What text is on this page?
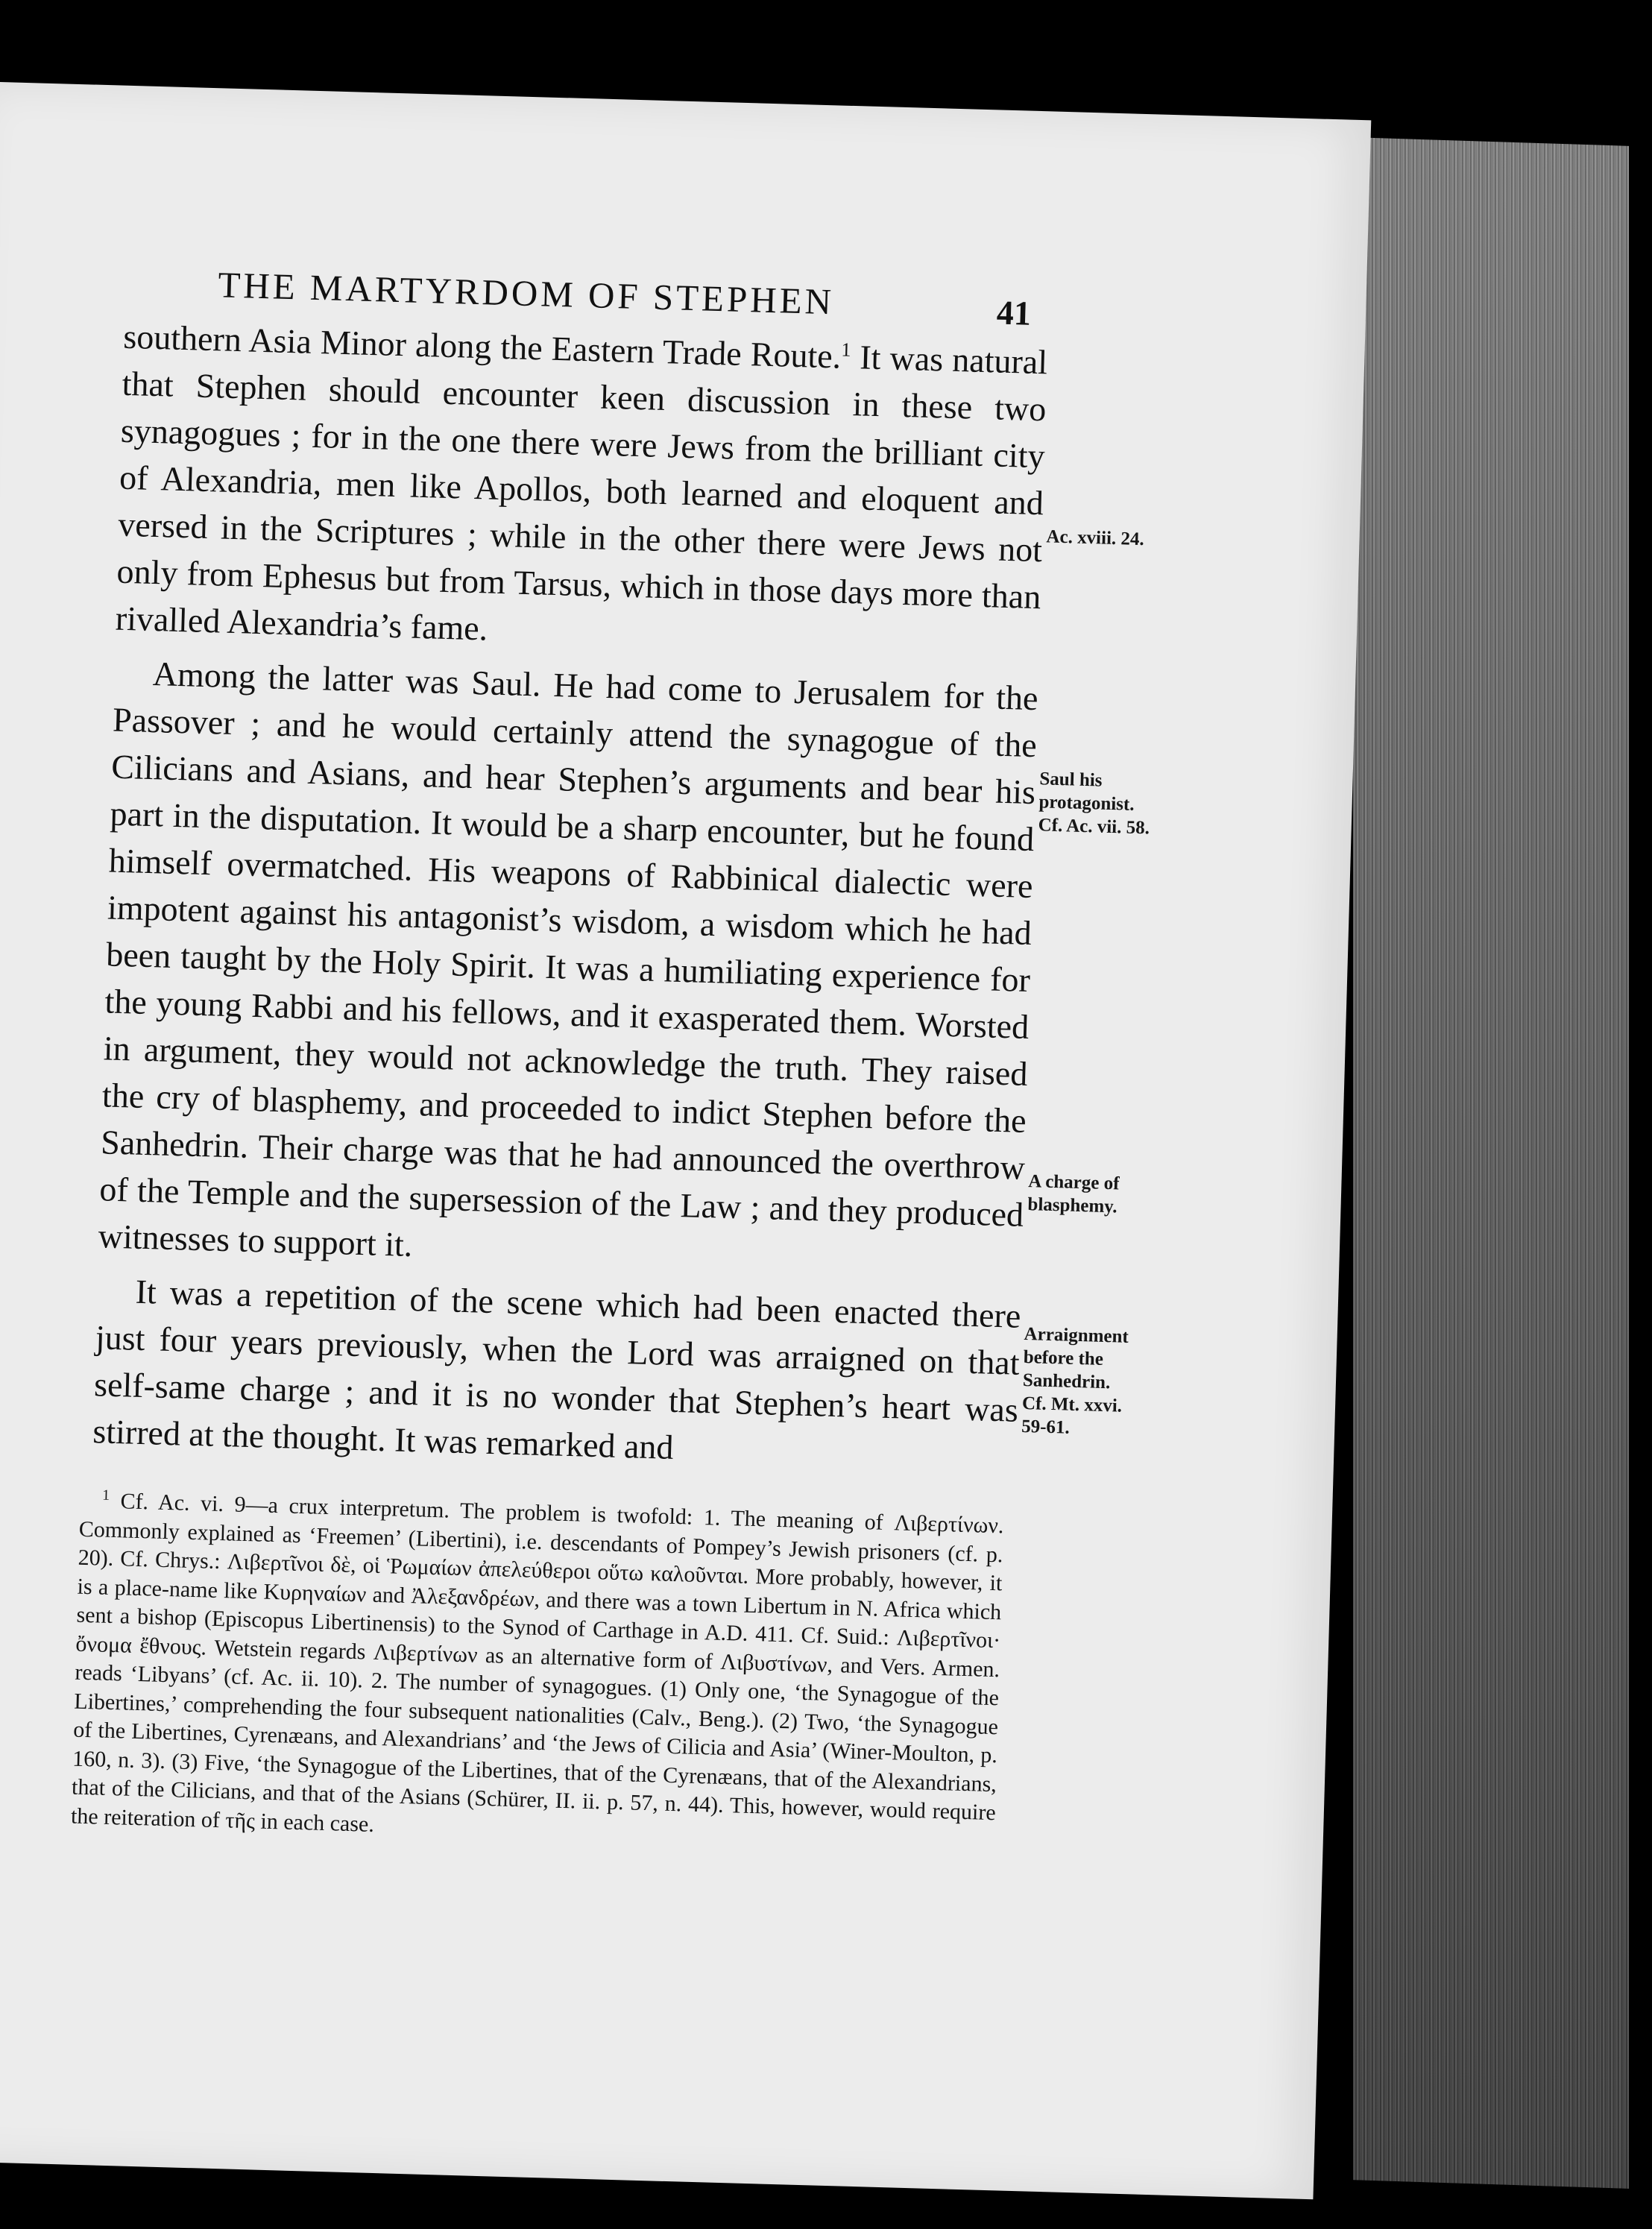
THE MARTYRDOM OF STEPHEN	41

southern Asia Minor along the Eastern Trade Route.$^1$ It was natural that Stephen should encounter keen discussion in these two synagogues ; for in the one there were Jews from the brilliant city of Alexandria, men like Apollos, both learned and eloquent and versed in the Scriptures ; while in the other there were Jews not only from Ephesus but from Tarsus, which in those days more than rivalled Alexandria’s fame.

Among the latter was Saul. He had come to Jerusalem for the Passover ; and he would certainly attend the synagogue of the Cilicians and Asians, and hear Stephen’s arguments and bear his part in the disputation. It would be a sharp encounter, but he found himself overmatched. His weapons of Rabbinical dialectic were impotent against his antagonist’s wisdom, a wisdom which he had been taught by the Holy Spirit. It was a humiliating experience for the young Rabbi and his fellows, and it exasperated them. Worsted in argument, they would not acknowledge the truth. They raised the cry of blasphemy, and proceeded to indict Stephen before the Sanhedrin. Their charge was that he had announced the overthrow of the Temple and the supersession of the Law ; and they produced witnesses to support it.

It was a repetition of the scene which had been enacted there just four years previously, when the Lord was arraigned on that self-same charge ; and it is no wonder that Stephen’s heart was stirred at the thought. It was remarked and

Ac. xviii. 24.
Saul his protagonist. Cf. Ac. vii. 58.
A charge of blasphemy.
Arraignment before the Sanhedrin. Cf. Mt. xxvi. 59-61.
$^1$ Cf. Ac. vi. 9—a crux interpretum. The problem is twofold: 1. The meaning of Λιβερτίνων. Commonly explained as ‘Freemen’ (Libertini), i.e. descendants of Pompey’s Jewish prisoners (cf. p. 20). Cf. Chrys.: Λιβερτῖνοι δὲ, οἱ Ῥωμαίων ἀπελεύθεροι οὕτω καλοῦνται. More probably, however, it is a place-name like Κυρηναίων and Ἀλεξανδρέων, and there was a town Libertum in N. Africa which sent a bishop (Episcopus Libertinensis) to the Synod of Carthage in A.D. 411. Cf. Suid.: Λιβερτῖνοι· ὄνομα ἔθνους. Wetstein regards Λιβερτίνων as an alternative form of Λιβυστίνων, and Vers. Armen. reads ‘Libyans’ (cf. Ac. ii. 10). 2. The number of synagogues. (1) Only one, ‘the Synagogue of the Libertines,’ comprehending the four subsequent nationalities (Calv., Beng.). (2) Two, ‘the Synagogue of the Libertines, Cyrenæans, and Alexandrians’ and ‘the Jews of Cilicia and Asia’ (Winer-Moulton, p. 160, n. 3). (3) Five, ‘the Synagogue of the Libertines, that of the Cyrenæans, that of the Alexandrians, that of the Cilicians, and that of the Asians (Schürer, II. ii. p. 57, n. 44). This, however, would require the reiteration of τῆς in each case.
